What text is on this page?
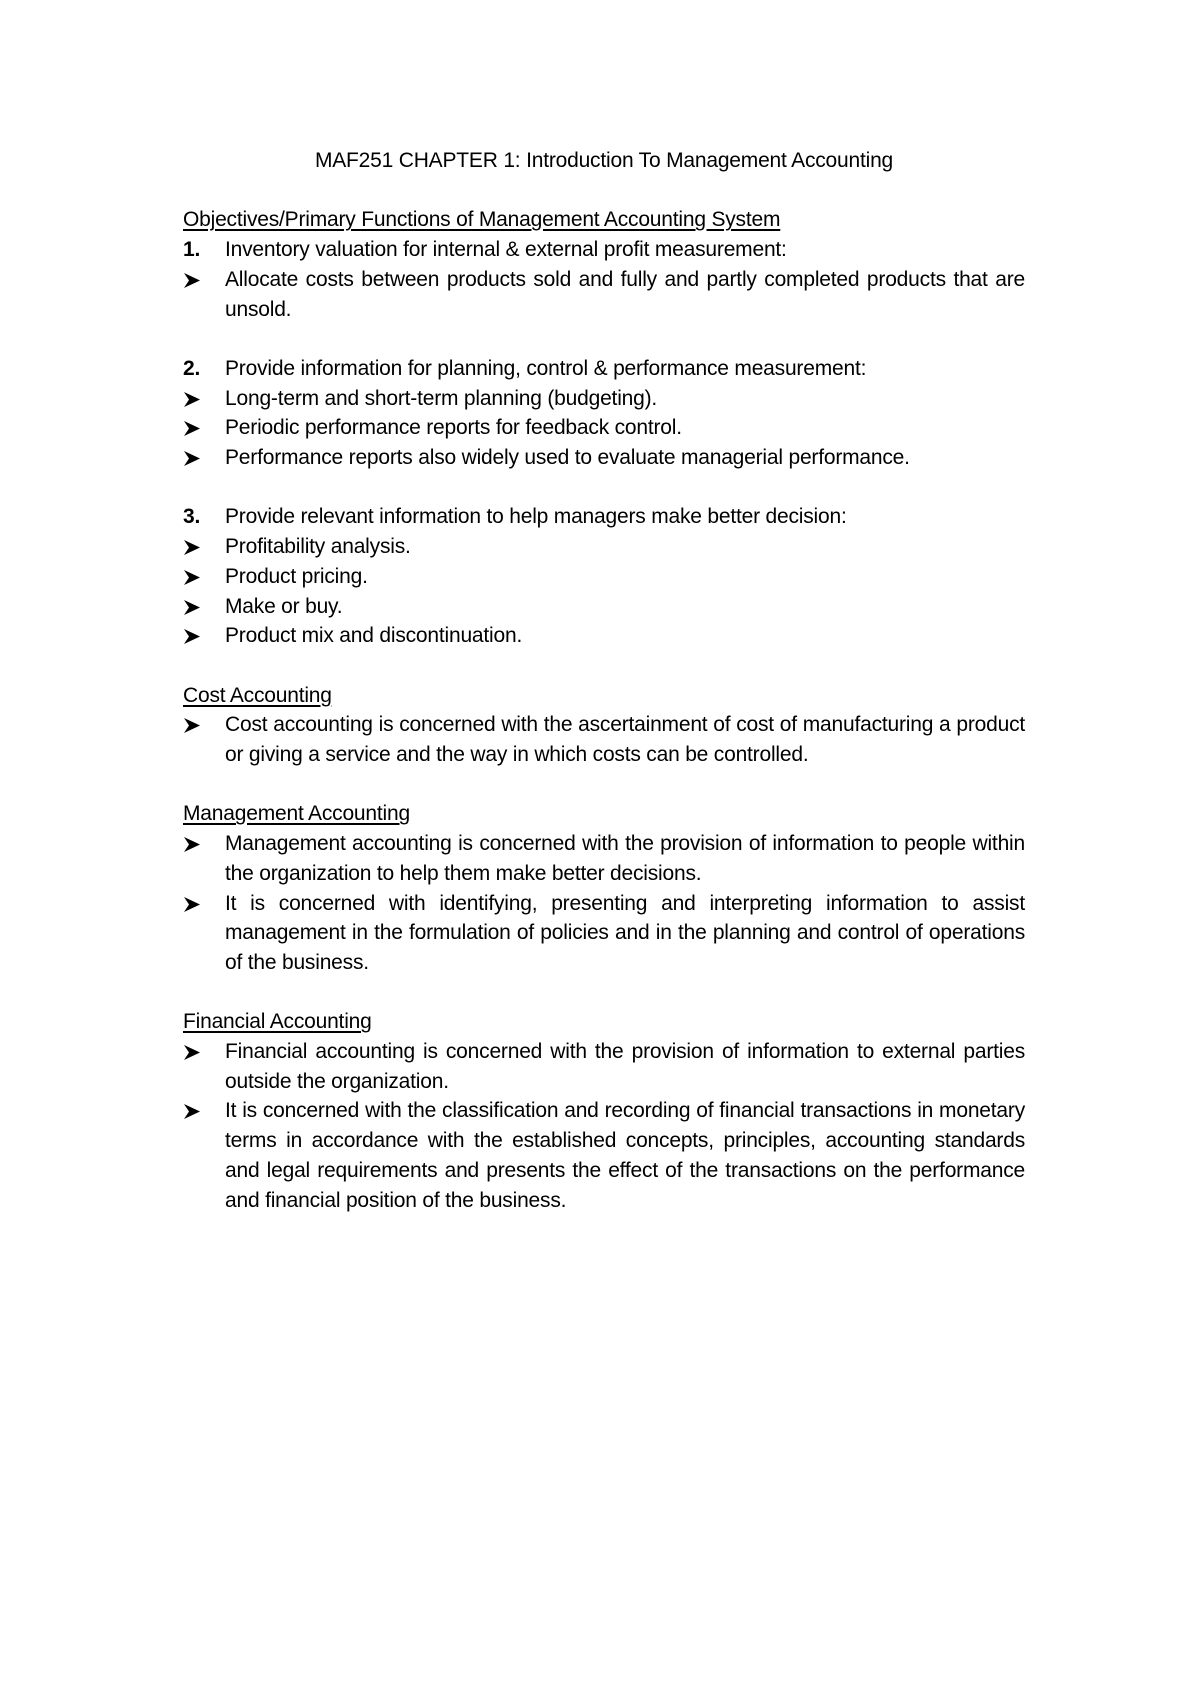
MAF251 CHAPTER 1: Introduction To Management Accounting

Objectives/Primary Functions of Management Accounting System

1. Inventory valuation for internal & external profit measurement:

Allocate costs between products sold and fully and partly completed products that are unsold.

2. Provide information for planning, control & performance measurement:

Long-term and short-term planning (budgeting).
Periodic performance reports for feedback control.
Performance reports also widely used to evaluate managerial performance.

3. Provide relevant information to help managers make better decision:

Profitability analysis.
Product pricing.
Make or buy.
Product mix and discontinuation.

Cost Accounting

Cost accounting is concerned with the ascertainment of cost of manufacturing a product or giving a service and the way in which costs can be controlled.

Management Accounting

Management accounting is concerned with the provision of information to people within the organization to help them make better decisions.
It is concerned with identifying, presenting and interpreting information to assist management in the formulation of policies and in the planning and control of operations of the business.

Financial Accounting

Financial accounting is concerned with the provision of information to external parties outside the organization.
It is concerned with the classification and recording of financial transactions in monetary terms in accordance with the established concepts, principles, accounting standards and legal requirements and presents the effect of the transactions on the performance and financial position of the business.
